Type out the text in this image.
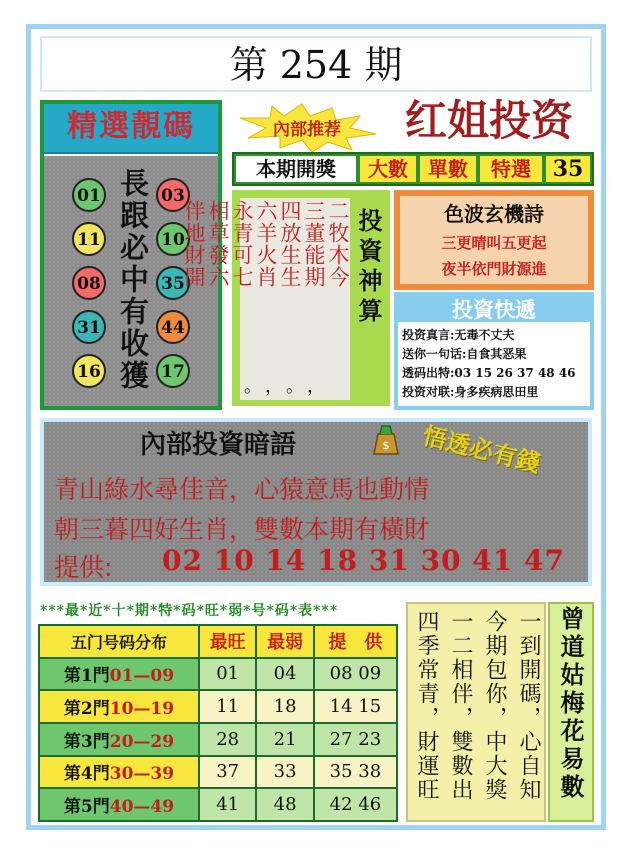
第 254 期
精選靚碼
01
11
08
31
16
03
10
35
44
17
長跟必中有收獲
內部推荐	红姐投资
本期開獎	大數	單數	特選 35
二牧木今
三董能期
四放生生
六羊火肖
永青可七
相草發六
伴地財開	投資神算	色波玄機詩
三更晴叫五更起
夜半依門財源進
投資快遞
投资真言:无毒不丈夫
送你一句话:自食其恶果
透码出特:03 15 26 37 48 46
投资对联:身多疾病思田里
內部投資暗語	$ 悟透必有錢
青山綠水尋佳音，心猿意馬也動情
朝三暮四好生肖，雙數本期有橫財
提供:	02 10 14 18 31 30 41 47
***最*近*十*期*特*码*旺*弱*号*码*表***
五门号码分布	最旺	最弱	提　供
第1門01—09	01	04	08 09
第2門10—19	11	18	14 15
第3門20—29	28	21	27 23
第4門30—39	37	33	35 38
第5門40—49	41	48	42 46
一到開碼，心自知
今期包你，中大獎
一二相伴，雙數出
四季常青，財運旺	曾道姑梅花易數
。，。，
